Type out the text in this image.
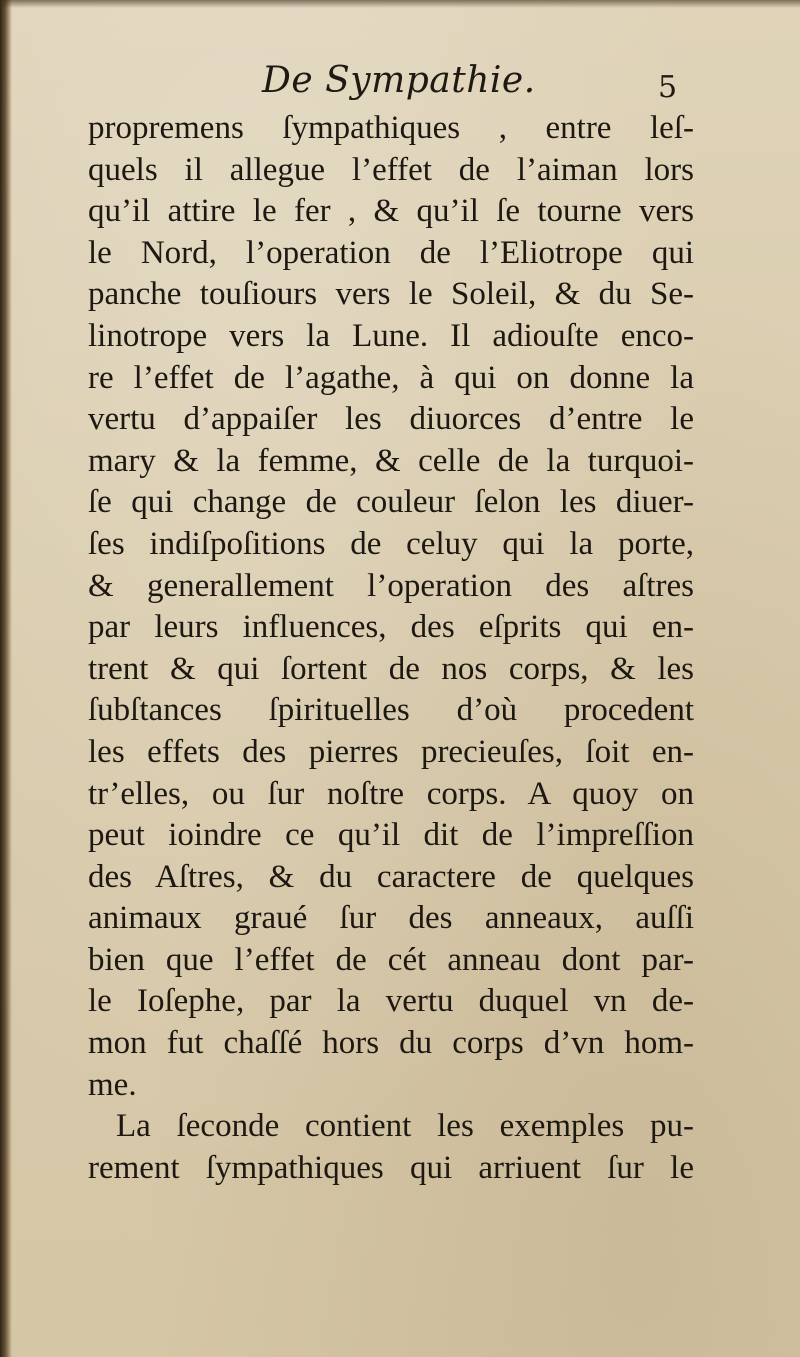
De Sympathie.	5
propremens ſympathiques , entre leſ-
quels il allegue l’effet de l’aiman lors
qu’il attire le fer , & qu’il ſe tourne vers
le Nord, l’operation de l’Eliotrope qui
panche touſiours vers le Soleil, & du Se-
linotrope vers la Lune. Il adiouſte enco-
re l’effet de l’agathe, à qui on donne la
vertu d’appaiſer les diuorces d’entre le
mary & la femme, & celle de la turquoi-
ſe qui change de couleur ſelon les diuer-
ſes indiſpoſitions de celuy qui la porte,
& generallement l’operation des aſtres
par leurs influences, des eſprits qui en-
trent & qui ſortent de nos corps, & les
ſubſtances ſpirituelles d’où procedent
les effets des pierres precieuſes, ſoit en-
tr’elles, ou ſur noſtre corps. A quoy on
peut ioindre ce qu’il dit de l’impreſſion
des Aſtres, & du caractere de quelques
animaux graué ſur des anneaux, auſſi
bien que l’effet de cét anneau dont par-
le Ioſephe, par la vertu duquel vn de-
mon fut chaſſé hors du corps d’vn hom-
me.
La ſeconde contient les exemples pu-
rement ſympathiques qui arriuent ſur le
